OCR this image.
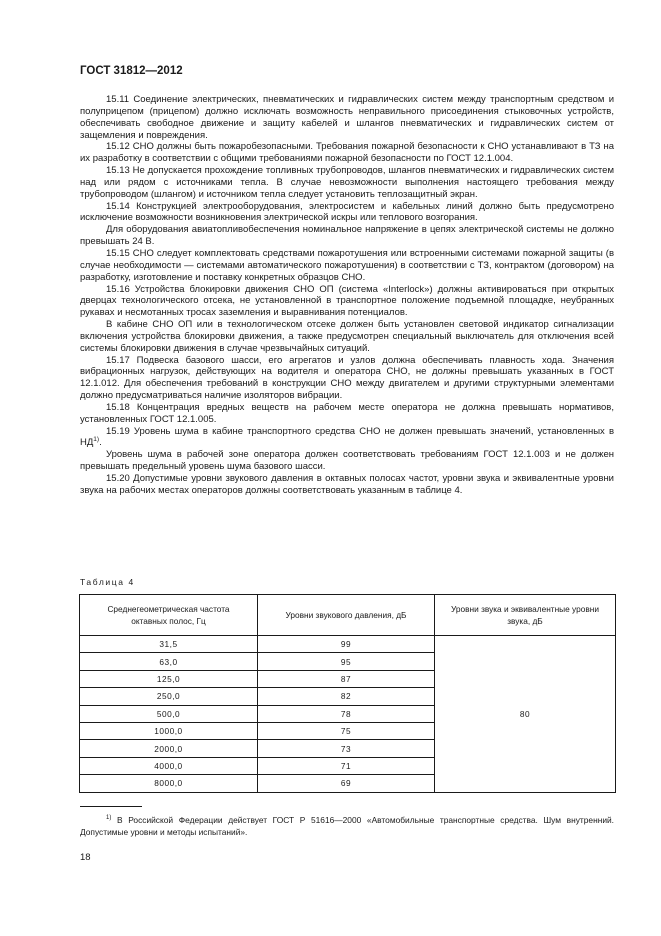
ГОСТ 31812—2012

15.11 Соединение электрических, пневматических и гидравлических систем между транспортным средством и полуприцепом (прицепом) должно исключать возможность неправильного присоединения стыковочных устройств, обеспечивать свободное движение и защиту кабелей и шлангов пневматических и гидравлических систем от защемления и повреждения.

15.12 СНО должны быть пожаробезопасными. Требования пожарной безопасности к СНО устанавливают в ТЗ на их разработку в соответствии с общими требованиями пожарной безопасности по ГОСТ 12.1.004.

15.13 Не допускается прохождение топливных трубопроводов, шлангов пневматических и гидравлических систем над или рядом с источниками тепла. В случае невозможности выполнения настоящего требования между трубопроводом (шлангом) и источником тепла следует установить теплозащитный экран.

15.14 Конструкцией электрооборудования, электросистем и кабельных линий должно быть предусмотрено исключение возможности возникновения электрической искры или теплового возгорания.

Для оборудования авиатопливобеспечения номинальное напряжение в цепях электрической системы не должно превышать 24 В.

15.15 СНО следует комплектовать средствами пожаротушения или встроенными системами пожарной защиты (в случае необходимости — системами автоматического пожаротушения) в соответствии с ТЗ, контрактом (договором) на разработку, изготовление и поставку конкретных образцов СНО.

15.16 Устройства блокировки движения СНО ОП (система «Interlock») должны активироваться при открытых дверцах технологического отсека, не установленной в транспортное положение подъемной площадке, неубранных рукавах и несмотанных тросах заземления и выравнивания потенциалов.

В кабине СНО ОП или в технологическом отсеке должен быть установлен световой индикатор сигнализации включения устройства блокировки движения, а также предусмотрен специальный выключатель для отключения всей системы блокировки движения в случае чрезвычайных ситуаций.

15.17 Подвеска базового шасси, его агрегатов и узлов должна обеспечивать плавность хода. Значения вибрационных нагрузок, действующих на водителя и оператора СНО, не должны превышать указанных в ГОСТ 12.1.012. Для обеспечения требований в конструкции СНО между двигателем и другими структурными элементами должно предусматриваться наличие изоляторов вибрации.

15.18 Концентрация вредных веществ на рабочем месте оператора не должна превышать нормативов, установленных ГОСТ 12.1.005.

15.19 Уровень шума в кабине транспортного средства СНО не должен превышать значений, установленных в НД$^{1)}$.

Уровень шума в рабочей зоне оператора должен соответствовать требованиям ГОСТ 12.1.003 и не должен превышать предельный уровень шума базового шасси.

15.20 Допустимые уровни звукового давления в октавных полосах частот, уровни звука и эквивалентные уровни звука на рабочих местах операторов должны соответствовать указанным в таблице 4.

Таблица 4
Среднегеометрическая частота октавных полос, Гц	Уровни звукового давления, дБ	Уровни звука и эквивалентные уровни звука, дБ
31,5	99	80
63,0	95	
125,0	87	
250,0	82	
500,0	78	
1000,0	75	
2000,0	73	
4000,0	71	
8000,0	69	
$^{1)}$ В Российской Федерации действует ГОСТ Р 51616—2000 «Автомобильные транспортные средства. Шум внутренний. Допустимые уровни и методы испытаний».
18
